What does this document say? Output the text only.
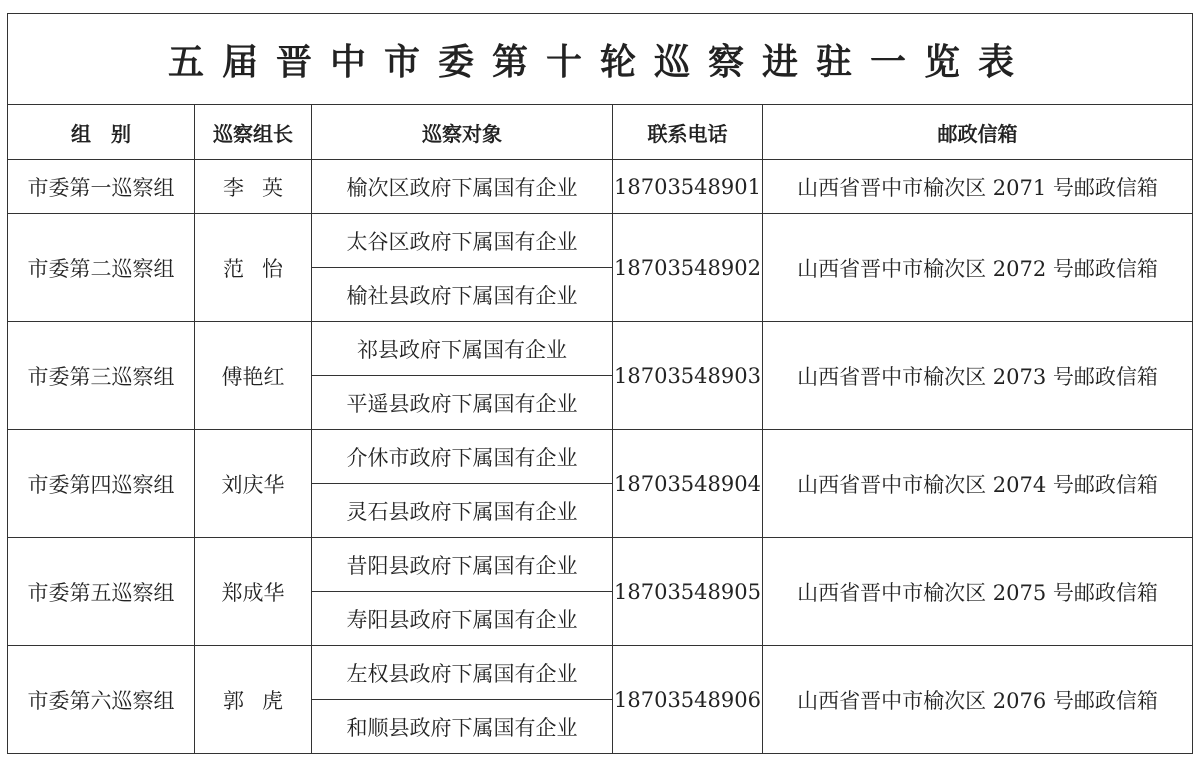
五届晋中市委第十轮巡察进驻一览表				
组　别	巡察组长	巡察对象	联系电话	邮政信箱
市委第一巡察组	李英	榆次区政府下属国有企业	18703548901	山西省晋中市榆次区 2071 号邮政信箱
市委第二巡察组	范怡	太谷区政府下属国有企业	18703548902	山西省晋中市榆次区 2072 号邮政信箱
		榆社县政府下属国有企业		
市委第三巡察组	傅艳红	祁县政府下属国有企业	18703548903	山西省晋中市榆次区 2073 号邮政信箱
		平遥县政府下属国有企业		
市委第四巡察组	刘庆华	介休市政府下属国有企业	18703548904	山西省晋中市榆次区 2074 号邮政信箱
		灵石县政府下属国有企业		
市委第五巡察组	郑成华	昔阳县政府下属国有企业	18703548905	山西省晋中市榆次区 2075 号邮政信箱
		寿阳县政府下属国有企业		
市委第六巡察组	郭虎	左权县政府下属国有企业	18703548906	山西省晋中市榆次区 2076 号邮政信箱
		和顺县政府下属国有企业		
